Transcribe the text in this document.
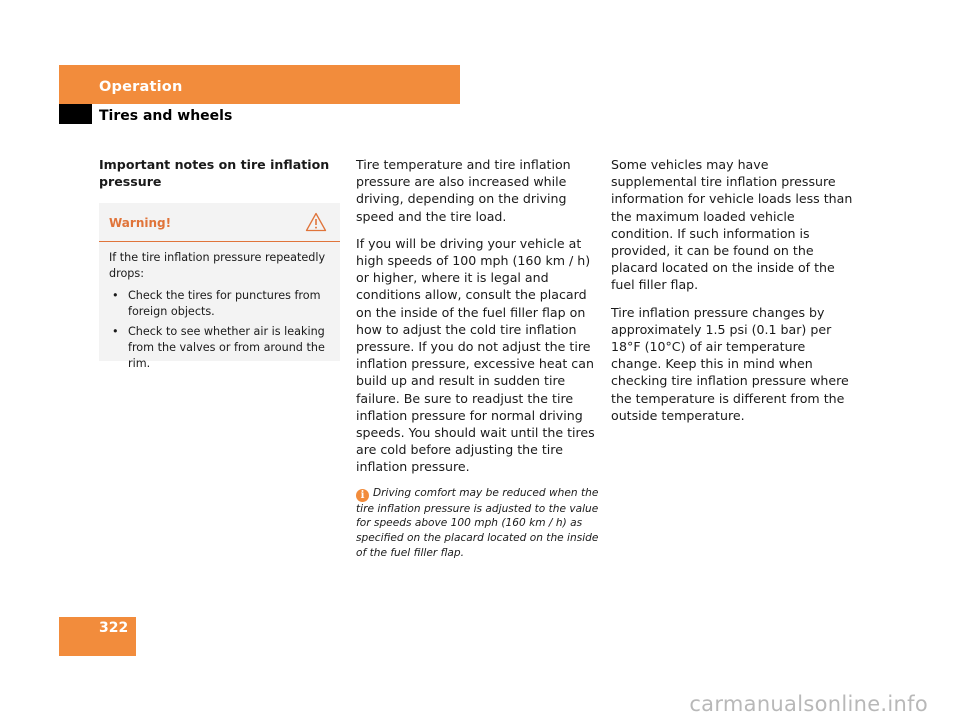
Operation
Tires and wheels

Important notes on tire inflation pressure

Warning!

If the tire inflation pressure repeatedly drops:

• Check the tires for punctures from foreign objects.
• Check to see whether air is leaking from the valves or from around the rim.

Tire temperature and tire inflation pressure are also increased while driving, depending on the driving speed and the tire load.

If you will be driving your vehicle at high speeds of 100 mph (160 km / h) or higher, where it is legal and conditions allow, consult the placard on the inside of the fuel filler flap on how to adjust the cold tire inflation pressure. If you do not adjust the tire inflation pressure, excessive heat can build up and result in sudden tire failure. Be sure to readjust the tire inflation pressure for normal driving speeds. You should wait until the tires are cold before adjusting the tire inflation pressure.

i Driving comfort may be reduced when the tire inflation pressure is adjusted to the value for speeds above 100 mph (160 km / h) as specified on the placard located on the inside of the fuel filler flap.

Some vehicles may have supplemental tire inflation pressure information for vehicle loads less than the maximum loaded vehicle condition. If such information is provided, it can be found on the placard located on the inside of the fuel filler flap.

Tire inflation pressure changes by approximately 1.5 psi (0.1 bar) per 18°F (10°C) of air temperature change. Keep this in mind when checking tire inflation pressure where the temperature is different from the outside temperature.

322
carmanualsonline.info
